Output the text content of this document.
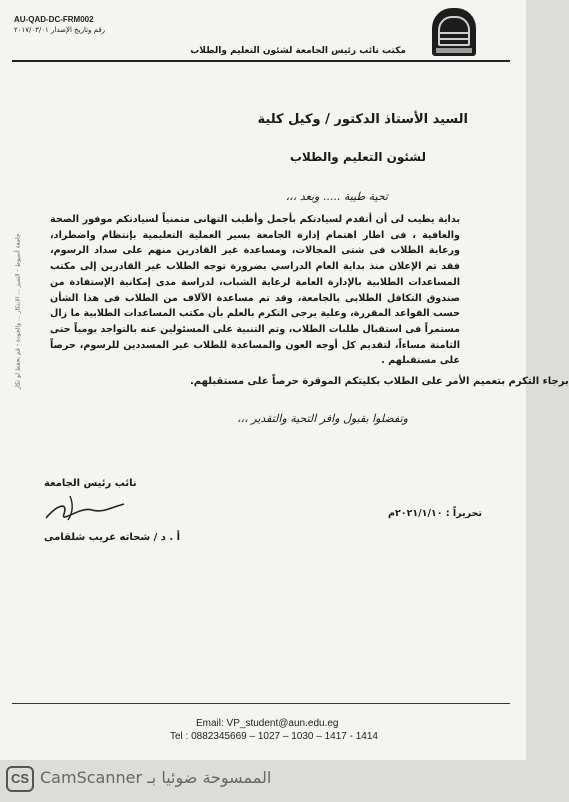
AU-QAD-DC-FRM002
رقم وتاريخ الإصدار ٢٠١٧/٠٣/٠١
مكتب نائب رئيس الجامعة لشئون التعليم والطلاب
السيد الأستاذ الدكتور / وكيل كلية
لشئون التعليم والطلاب
تحية طيبة ..... وبعد ،،،

بداية يطيب لى أن أتقدم لسيادتكم بأجمل وأطيب التهانى متمنياً لسيادتكم موفور الصحة والعافية ، فى اطار اهتمام إدارة الجامعة بسير العملية التعليمية بإنتظام واضطراد، ورعاية الطلاب فى شتى المجالات، ومساعدة غير القادرين منهم على سداد الرسوم، فقد تم الإعلان منذ بداية العام الدراسي بضرورة توجه الطلاب غير القادرين إلى مكتب المساعدات الطلابية بالإدارة العامة لرعاية الشباب، لدراسة مدى إمكانية الإستفادة من صندوق التكافل الطلابى بالجامعة، وقد تم مساعدة الآلاف من الطلاب فى هذا الشأن حسب القواعد المقررة، وعلية يرجى التكرم بالعلم بأن مكتب المساعدات الطلابية ما زال مستمراً فى استقبال طلبات الطلاب، وتم التنبية على المسئولين عنه بالتواجد يومياً حتى الثامنة مساءاً، لتقديم كل أوجه العون والمساعدة للطلاب غير المسددين للرسوم، حرصاً على مستقبلهم .

برجاء التكرم بتعميم الأمر على الطلاب بكليتكم الموقرة حرصاً على مستقبلهم.
وتفضلوا بقبول وافر التحية والتقدير ،،،
نائب رئيس الجامعة
أ . د / شحاته غريب شلقامى
تحريراً : ٢٠٢١/١/١٠م
جامعة أسيوط - التميز ... الابتكار ... والجودة - قم بحفظ لو تكار
Email: VP_student@aun.edu.eg
Tel : 0882345669 – 1027 – 1030 – 1417 - 1414
CS الممسوحة ضوئيا بـ CamScanner
